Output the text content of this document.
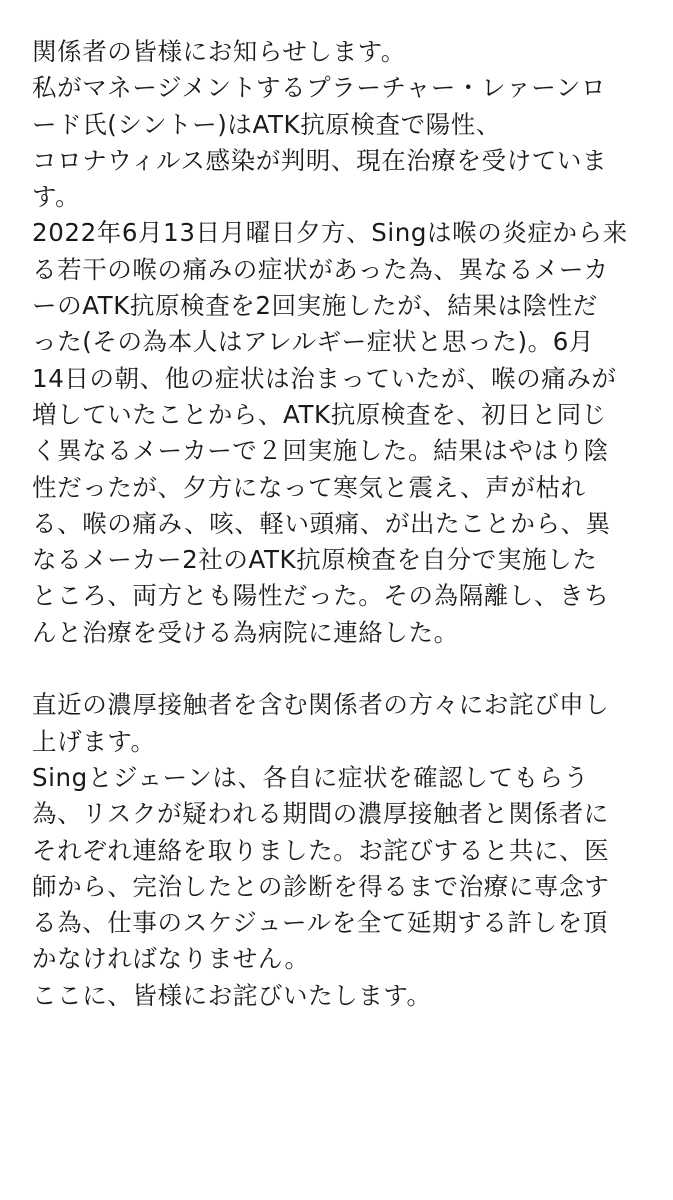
関係者の皆様にお知らせします。
私がマネージメントするプラーチャー・レァーンロ
ード氏(シントー)はATK抗原検査で陽性、
コロナウィルス感染が判明、現在治療を受けていま
す。
2022年6月13日月曜日夕方、Singは喉の炎症から来
る若干の喉の痛みの症状があった為、異なるメーカ
ーのATK抗原検査を2回実施したが、結果は陰性だ
った(その為本人はアレルギー症状と思った)。6月
14日の朝、他の症状は治まっていたが、喉の痛みが
増していたことから、ATK抗原検査を、初日と同じ
く異なるメーカーで２回実施した。結果はやはり陰
性だったが、夕方になって寒気と震え、声が枯れ
る、喉の痛み、咳、軽い頭痛、が出たことから、異
なるメーカー2社のATK抗原検査を自分で実施した
ところ、両方とも陽性だった。その為隔離し、きち
んと治療を受ける為病院に連絡した。
直近の濃厚接触者を含む関係者の方々にお詫び申し
上げます。
Singとジェーンは、各自に症状を確認してもらう
為、リスクが疑われる期間の濃厚接触者と関係者に
それぞれ連絡を取りました。お詫びすると共に、医
師から、完治したとの診断を得るまで治療に専念す
る為、仕事のスケジュールを全て延期する許しを頂
かなければなりません。
ここに、皆様にお詫びいたします。
